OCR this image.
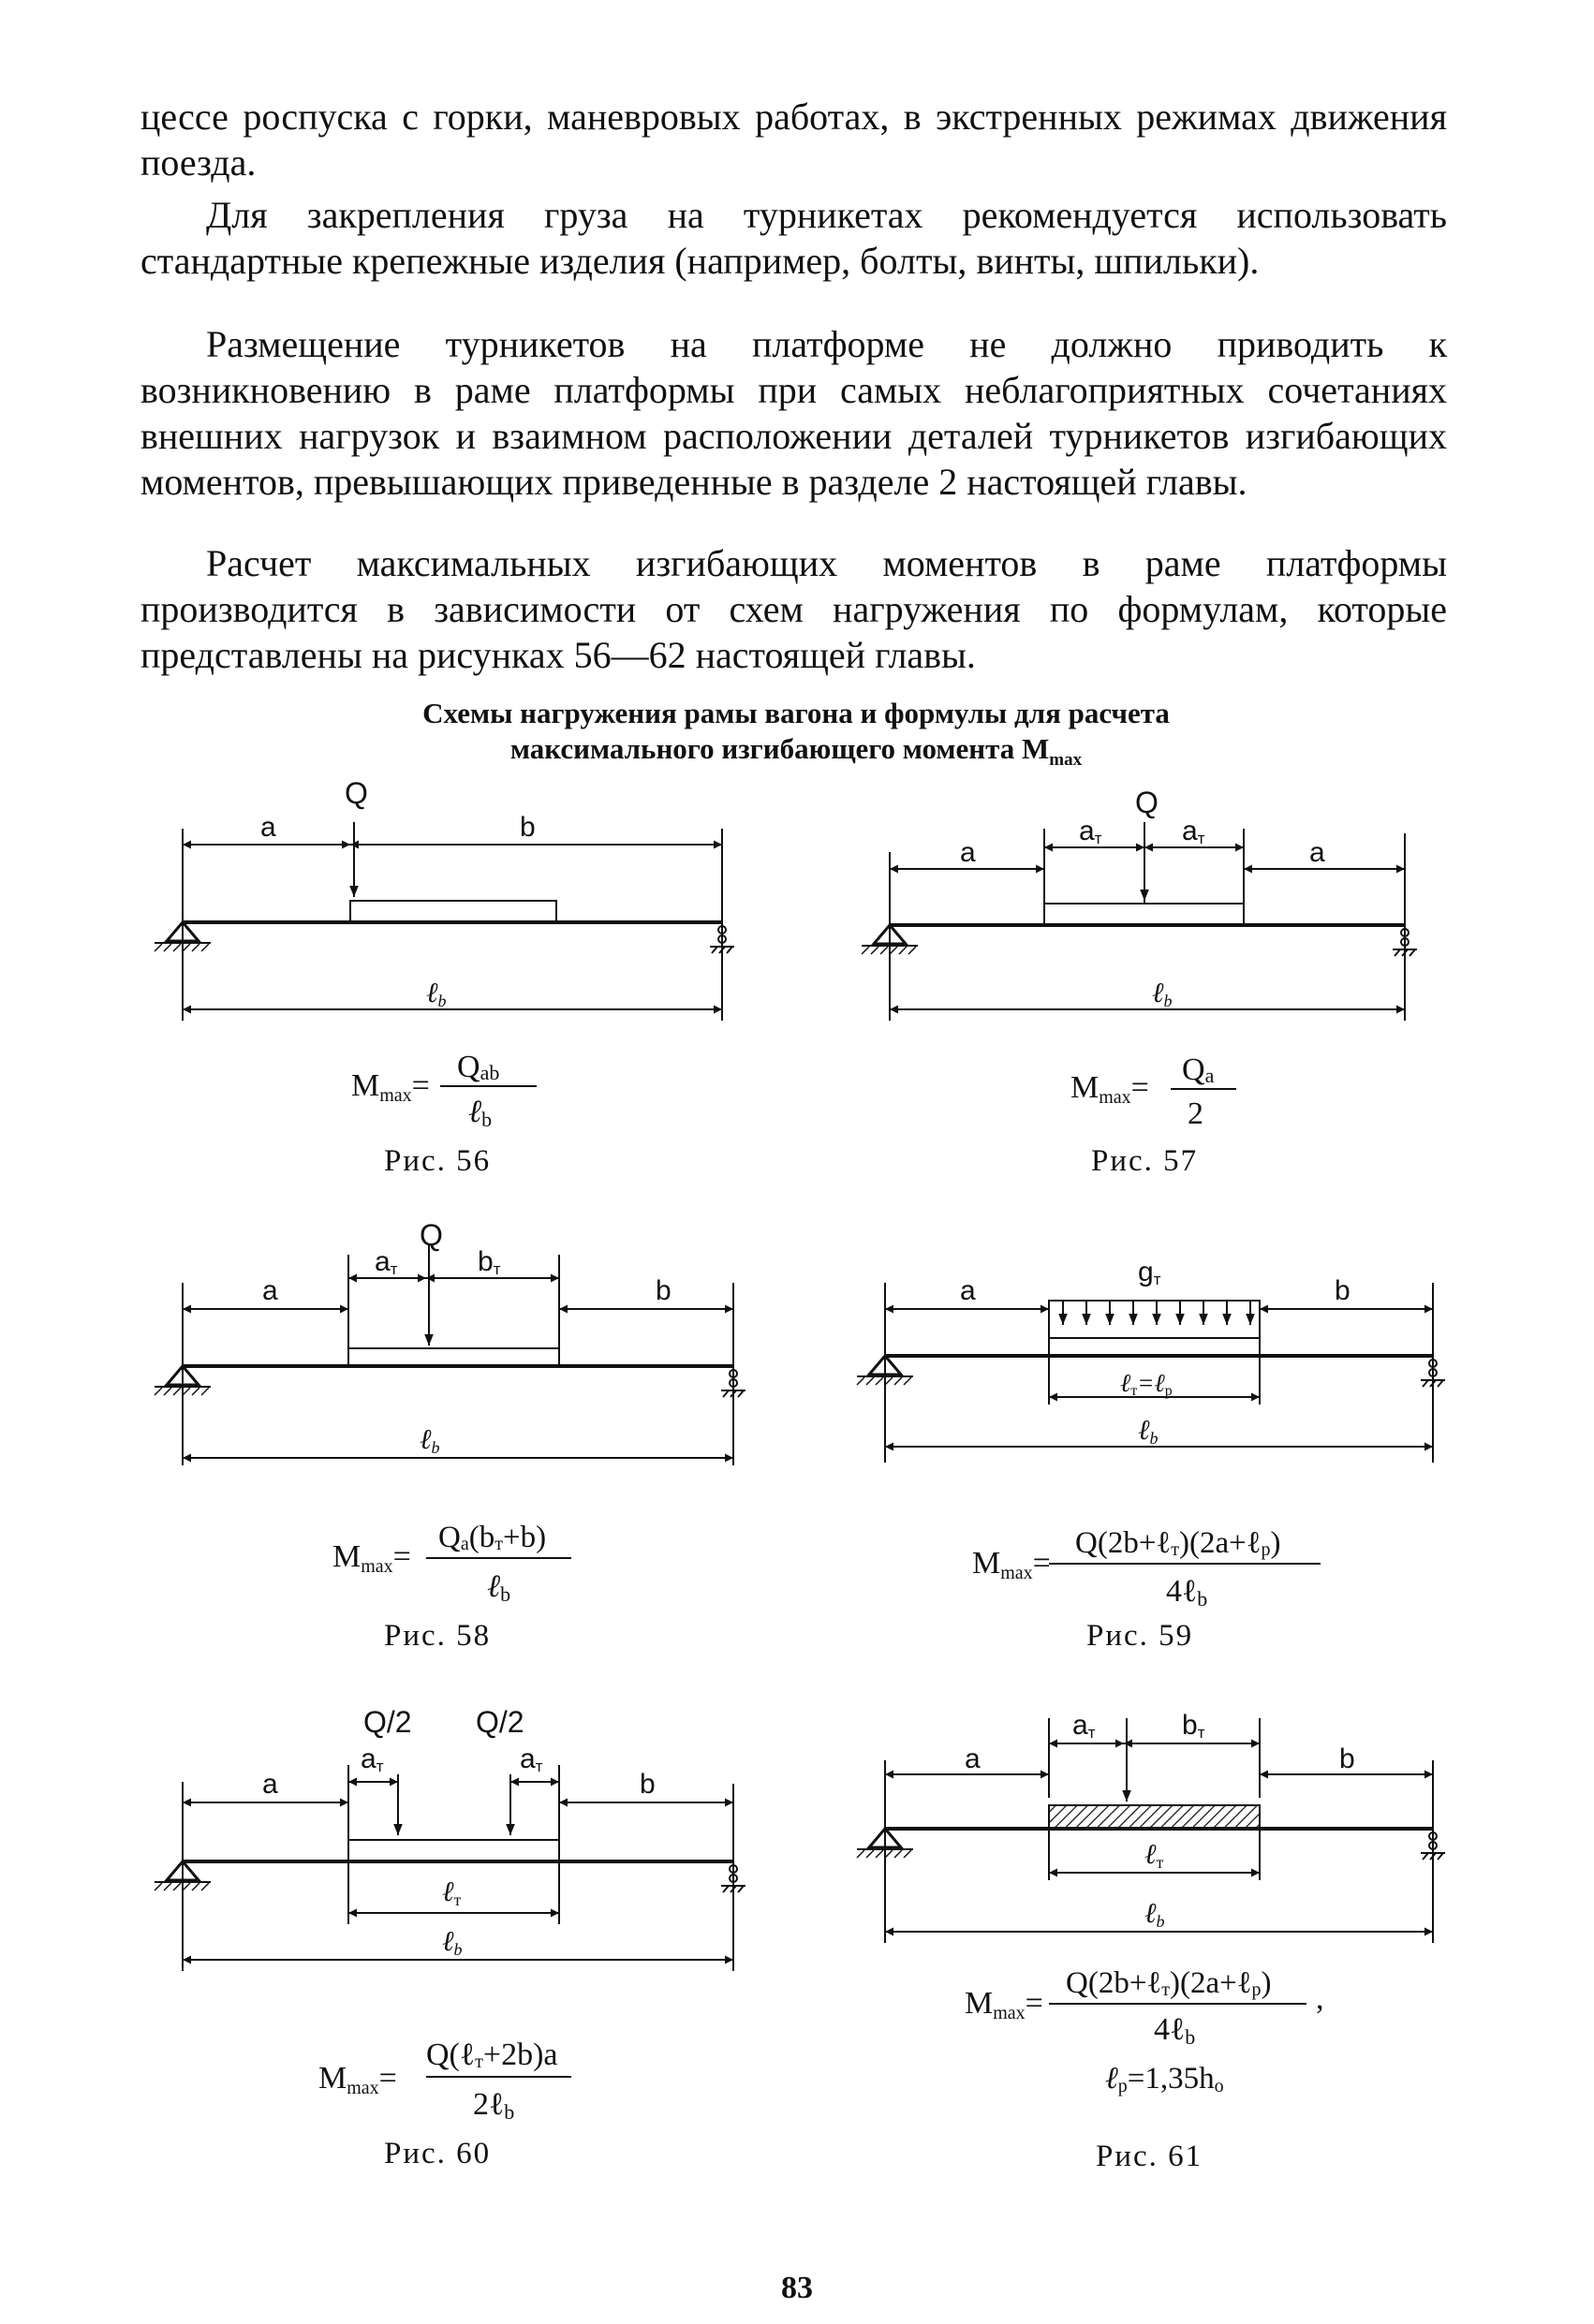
цессе роспуска с горки, маневровых работах, в экстренных режимах движения поезда.

Для закрепления груза на турникетах рекомендуется использовать стандартные крепежные изделия (например, болты, винты, шпильки).

Размещение турникетов на платформе не должно приводить к возникновению в раме платформы при самых неблагоприятных сочетаниях внешних нагрузок и взаимном расположении деталей турникетов изгибающих моментов, превышающих приведенные в разделе 2 настоящей главы.

Расчет максимальных изгибающих моментов в раме платформы производится в зависимости от схем нагружения по формулам, которые представлены на рисунках 56—62 настоящей главы.

Схемы нагружения рамы вагона и формулы для расчета
максимального изгибающего момента $M_{max}$
a	b
Q
ℓb
Mmax=
Qab
ℓb
Рис. 56
a	a
aт	aт
Q
ℓb
Mmax=
Qa
2
Рис. 57
a	b
Q
aт	bт
ℓb
Mmax=
Qa(bт+b)
ℓb
Рис. 58
a	b
gт
ℓт=ℓр
ℓb
Mmax=
Q(2b+ℓт)(2a+ℓр)
4ℓb
Рис. 59
Q/2 Q/2
aт	aт
a	b
ℓт
ℓb
Mmax=
Q(ℓт+2b)a
2ℓb
Рис. 60
aт	bт
a	b
ℓт
ℓb
Mmax=
Q(2b+ℓт)(2a+ℓр) ,
4ℓb
ℓр=1,35hо
Рис. 61
83
